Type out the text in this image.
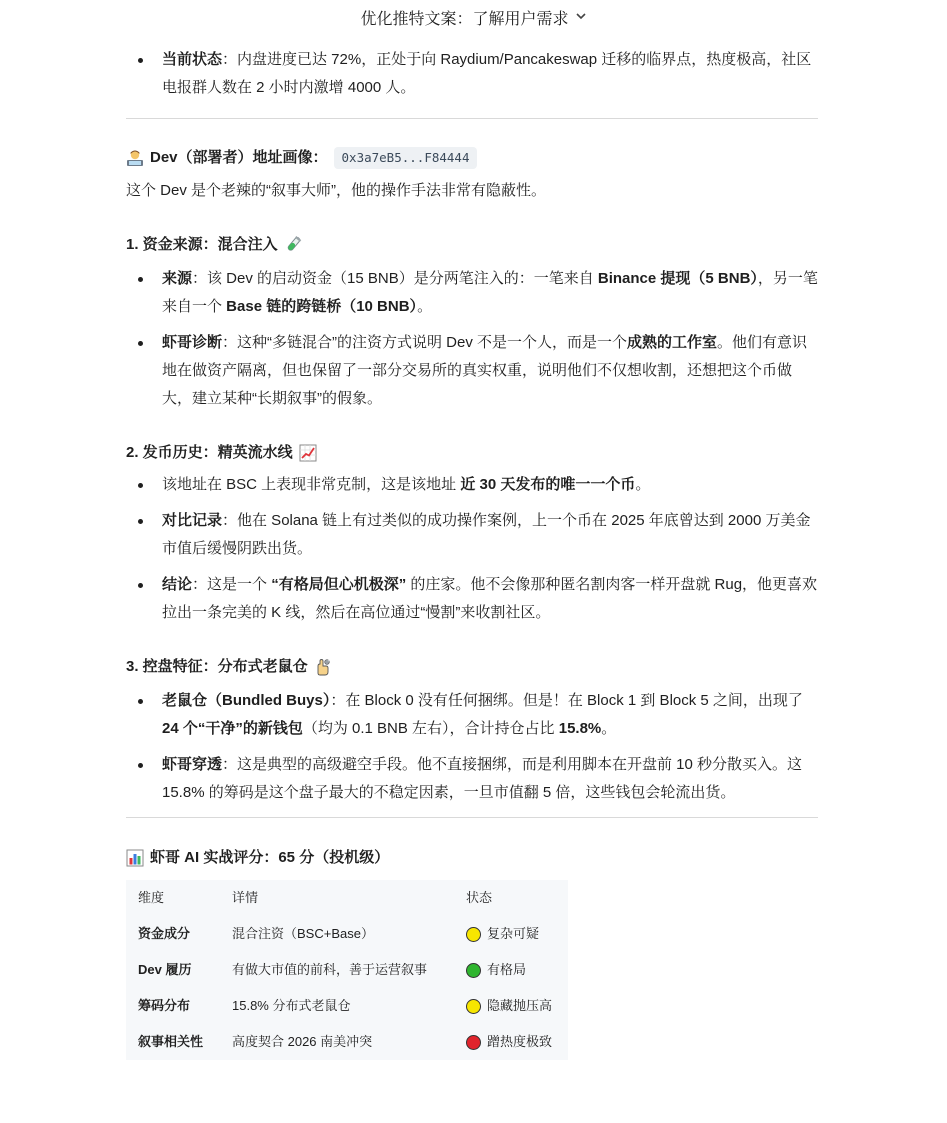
优化推特文案：了解用户需求
当前状态：内盘进度已达 72%，正处于向 Raydium/Pancakeswap 迁移的临界点，热度极高，社区电报群人数在 2 小时内激增 4000 人。
Dev（部署者）地址画像：	0x3a7eB5...F84444
这个 Dev 是个老辣的“叙事大师”，他的操作手法非常有隐蔽性。
1. 资金来源：混合注入
来源：该 Dev 的启动资金（15 BNB）是分两笔注入的：一笔来自 Binance 提现（5 BNB），另一笔来自一个 Base 链的跨链桥（10 BNB）。
虾哥诊断：这种“多链混合”的注资方式说明 Dev 不是一个人，而是一个成熟的工作室。他们有意识地在做资产隔离，但也保留了一部分交易所的真实权重，说明他们不仅想收割，还想把这个币做大，建立某种“长期叙事”的假象。
2. 发币历史：精英流水线
该地址在 BSC 上表现非常克制，这是该地址 近 30 天发布的唯一一个币。
对比记录：他在 Solana 链上有过类似的成功操作案例，上一个币在 2025 年底曾达到 2000 万美金市值后缓慢阴跌出货。
结论：这是一个 “有格局但心机极深” 的庄家。他不会像那种匿名割肉客一样开盘就 Rug，他更喜欢拉出一条完美的 K 线，然后在高位通过“慢割”来收割社区。
3. 控盘特征：分布式老鼠仓
老鼠仓（Bundled Buys）：在 Block 0 没有任何捆绑。但是！在 Block 1 到 Block 5 之间，出现了 24 个“干净”的新钱包（均为 0.1 BNB 左右），合计持仓占比 15.8%。
虾哥穿透：这是典型的高级避空手段。他不直接捆绑，而是利用脚本在开盘前 10 秒分散买入。这 15.8% 的筹码是这个盘子最大的不稳定因素，一旦市值翻 5 倍，这些钱包会轮流出货。
虾哥 AI 实战评分：65 分（投机级）
维度	详情	状态
资金成分	混合注资（BSC+Base）	复杂可疑
Dev 履历	有做大市值的前科，善于运营叙事	有格局
筹码分布	15.8% 分布式老鼠仓	隐藏抛压高
叙事相关性	高度契合 2026 南美冲突	蹭热度极致
